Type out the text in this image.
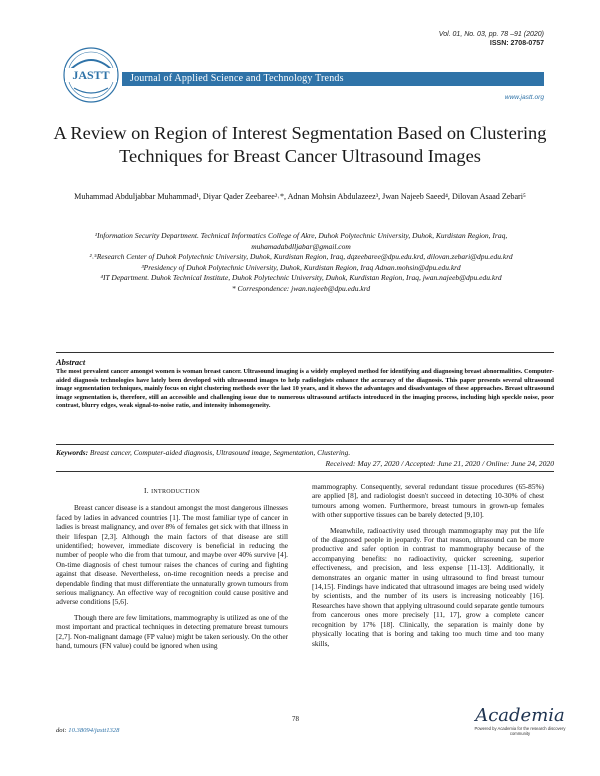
Vol. 01, No. 03, pp. 78 –91 (2020)
ISSN: 2708-0757
JASTT	Journal of Applied Science and Technology Trends
www.jastt.org
A Review on Region of Interest Segmentation Based on Clustering Techniques for Breast Cancer Ultrasound Images
Muhammad Abduljabbar Muhammad¹, Diyar Qader Zeebaree²˒*, Adnan Mohsin Abdulazeez³, Jwan Najeeb Saeed⁴, Dilovan Asaad Zebari⁵
¹Information Security Department. Technical Informatics College of Akre, Duhok Polytechnic University, Duhok, Kurdistan Region, Iraq, muhamadabdlljabar@gmail.com
²˒⁵Research Center of Duhok Polytechnic University, Duhok, Kurdistan Region, Iraq, dqzeebaree@dpu.edu.krd, dilovan.zebari@dpu.edu.krd
³Presidency of Duhok Polytechnic University, Duhok, Kurdistan Region, Iraq Adnan.mohsin@dpu.edu.krd
⁴IT Department. Duhok Technical Institute, Duhok Polytechnic University, Duhok, Kurdistan Region, Iraq, jwan.najeeb@dpu.edu.krd
* Correspondence: jwan.najeeb@dpu.edu.krd
Abstract
The most prevalent cancer amongst women is woman breast cancer. Ultrasound imaging is a widely employed method for identifying and diagnosing breast abnormalities. Computer-aided diagnosis technologies have lately been developed with ultrasound images to help radiologists enhance the accuracy of the diagnosis. This paper presents several ultrasound image segmentation techniques, mainly focus on eight clustering methods over the last 10 years, and it shows the advantages and disadvantages of these approaches. Breast ultrasound image segmentation is, therefore, still an accessible and challenging issue due to numerous ultrasound artifacts introduced in the imaging process, including high speckle noise, poor contrast, blurry edges, weak signal-to-noise ratio, and intensity inhomogeneity.
Keywords: Breast cancer, Computer-aided diagnosis, Ultrasound image, Segmentation, Clustering.
Received: May 27, 2020 / Accepted: June 21, 2020 / Online: June 24, 2020
I. INTRODUCTION

Breast cancer disease is a standout amongst the most dangerous illnesses faced by ladies in advanced countries [1]. The most familiar type of cancer in ladies is breast malignancy, and over 8% of females get sick with that illness in their lifespan [2,3]. Although the main factors of that disease are still unidentified; however, immediate discovery is beneficial in reducing the number of people who die from that tumour, and maybe over 40% survive [4]. On-time diagnosis of chest tumour raises the chances of curing and fighting against that disease. Nevertheless, on-time recognition needs a precise and dependable finding that must differentiate the unnaturally grown tumours from serious malignancy. An effective way of recognition could cause positive and adverse conditions [5,6].

Though there are few limitations, mammography is utilized as one of the most important and practical techniques in detecting premature breast tumours [2,7]. Non-malignant damage (FP value) might be taken seriously. On the other hand, tumours (FN value) could be ignored when using

mammography. Consequently, several redundant tissue procedures (65-85%) are applied [8], and radiologist doesn't succeed in detecting 10-30% of chest tumours among women. Furthermore, breast tumours in grown-up females with other supportive tissues can be barely detected [9,10].

Meanwhile, radioactivity used through mammography may put the life of the diagnosed people in jeopardy. For that reason, ultrasound can be more productive and safer option in contrast to mammography because of the accompanying benefits: no radioactivity, quicker screening, superior effectiveness, and precision, and less expense [11-13]. Additionally, it demonstrates an organic matter in using ultrasound to find breast tumour [14,15]. Findings have indicated that ultrasound images are being used widely by scientists, and the number of its users is increasing noticeably [16]. Researches have shown that applying ultrasound could separate gentle tumours from cancerous ones more precisely [11, 17], grow a complete cancer recognition by 17% [18]. Clinically, the separation is mainly done by physically locating that is boring and taking too much time and too many skills,

78
doi: 10.38094/jastt1328
Academia
Powered by Academia for the research discovery community
